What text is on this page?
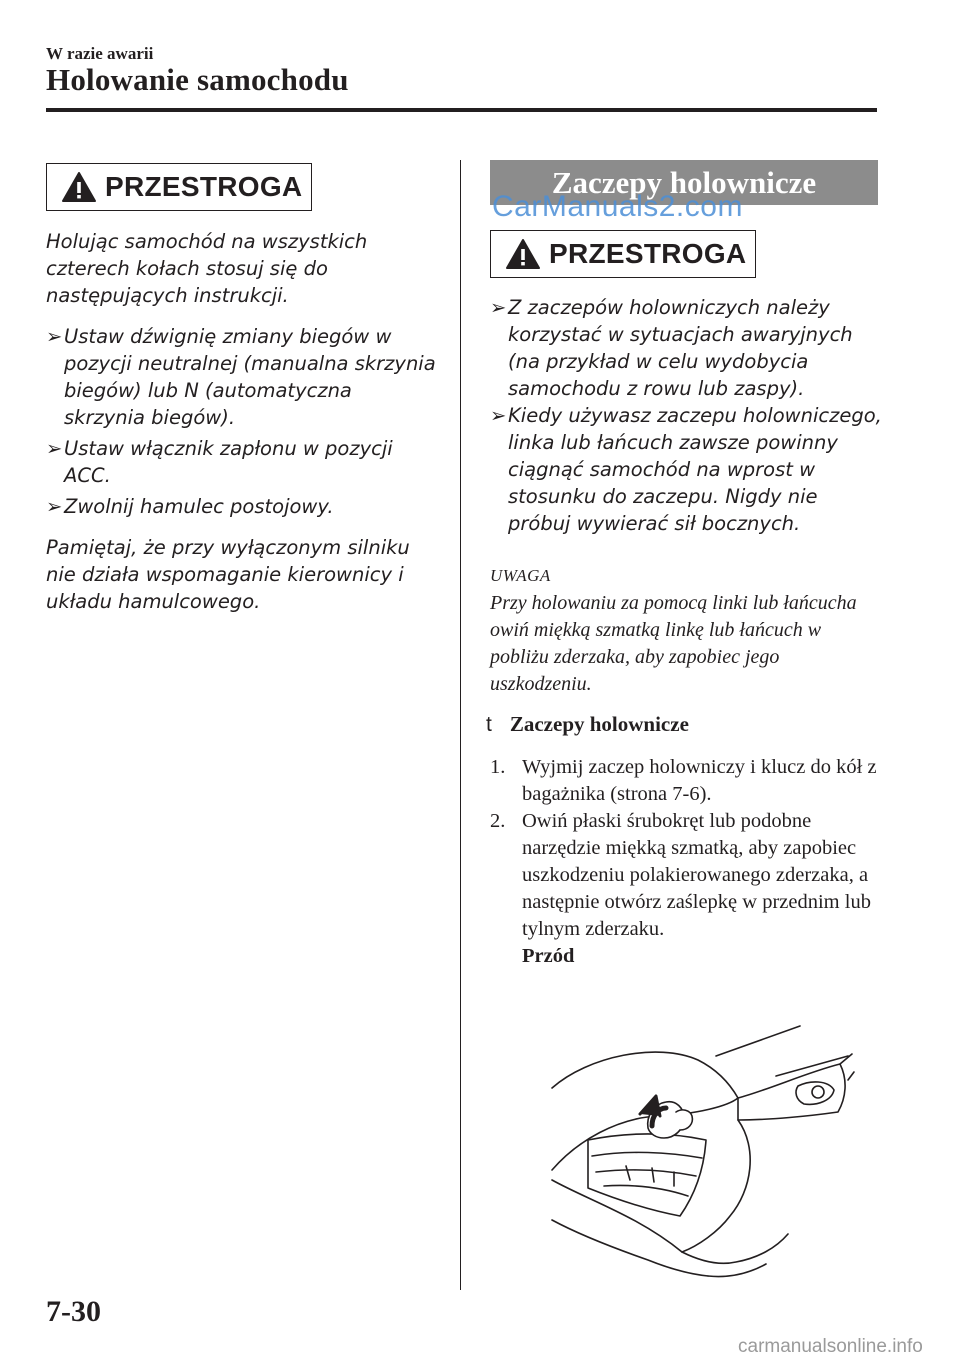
W razie awarii
Holowanie samochodu
PRZESTROGA

Holując samochód na wszystkich czterech kołach stosuj się do następujących instrukcji.

➢ Ustaw dźwignię zmiany biegów w pozycji neutralnej (manualna skrzynia biegów) lub N (automatyczna skrzynia biegów).

➢ Ustaw włącznik zapłonu w pozycji ACC.

➢ Zwolnij hamulec postojowy.

Pamiętaj, że przy wyłączonym silniku nie działa wspomaganie kierownicy i układu hamulcowego.

Zaczepy holownicze
CarManuals2.com
PRZESTROGA

➢ Z zaczepów holowniczych należy korzystać w sytuacjach awaryjnych (na przykład w celu wydobycia samochodu z rowu lub zaspy).

➢ Kiedy używasz zaczepu holowniczego, linka lub łańcuch zawsze powinny ciągnąć samochód na wprost w stosunku do zaczepu. Nigdy nie próbuj wywierać sił bocznych.

UWAGA
Przy holowaniu za pomocą linki lub łańcucha owiń miękką szmatką linkę lub łańcuch w pobliżu zderzaka, aby zapobiec jego uszkodzeniu.
t Zaczepy holownicze
1. Wyjmij zaczep holowniczy i klucz do kół z bagażnika (strona 7-6).
2. Owiń płaski śrubokręt lub podobne narzędzie miękką szmatką, aby zapobiec uszkodzeniu polakierowanego zderzaka, a następnie otwórz zaślepkę w przednim lub tylnym zderzaku.
Przód
7-30
carmanualsonline.info
